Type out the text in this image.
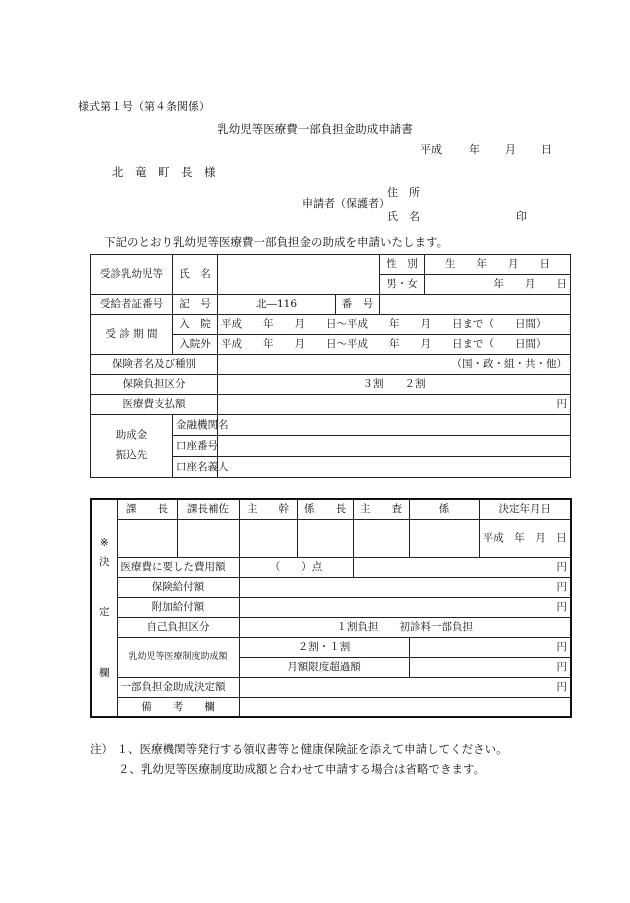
様式第１号（第４条関係）
乳幼児等医療費一部負担金助成申請書
平成 年 月 日
北　竜　町　長　様
住　所
申請者（保護者）
氏　名	印
下記のとおり乳幼児等医療費一部負担金の助成を申請いたします。
受診乳幼児等	氏　名			性　別	生　　年　　月　　日
				男・女	年　　月　　日
受給者証番号	記　号	北―116	番　号		
受 診 期 間	入　院	平成　　年　　月　　日～平成　　年　　月　　日まで（　　日間）			
	入院外	平成　　年　　月　　日～平成　　年　　月　　日まで（　　日間）			
保険者名及び種別		（国・政・組・共・他）			
保険負担区分		３割　　２割			
医療費支払額		円			
助成金
振込先	金融機関名				
	口座番号				
	口座名義人				
※
決
定
欄	課　　長	課長補佐	主　　幹	係　　長	主　　査	係	決定年月日
							平成　年　月　日
	医療費に要した費用額		（　　）点		円		
	保険給付額		円				
	附加給付額		円				
	自己負担区分		１割負担　　初診料一部負担				
	乳幼児等医療制度助成額		２割・１割			円	
			月額限度超過額			円	
	一部負担金助成決定額		円				
	備　　考　　欄						
注） １、医療機関等発行する領収書等と健康保険証を添えて申請してください。
２、乳幼児等医療制度助成額と合わせて申請する場合は省略できます。
